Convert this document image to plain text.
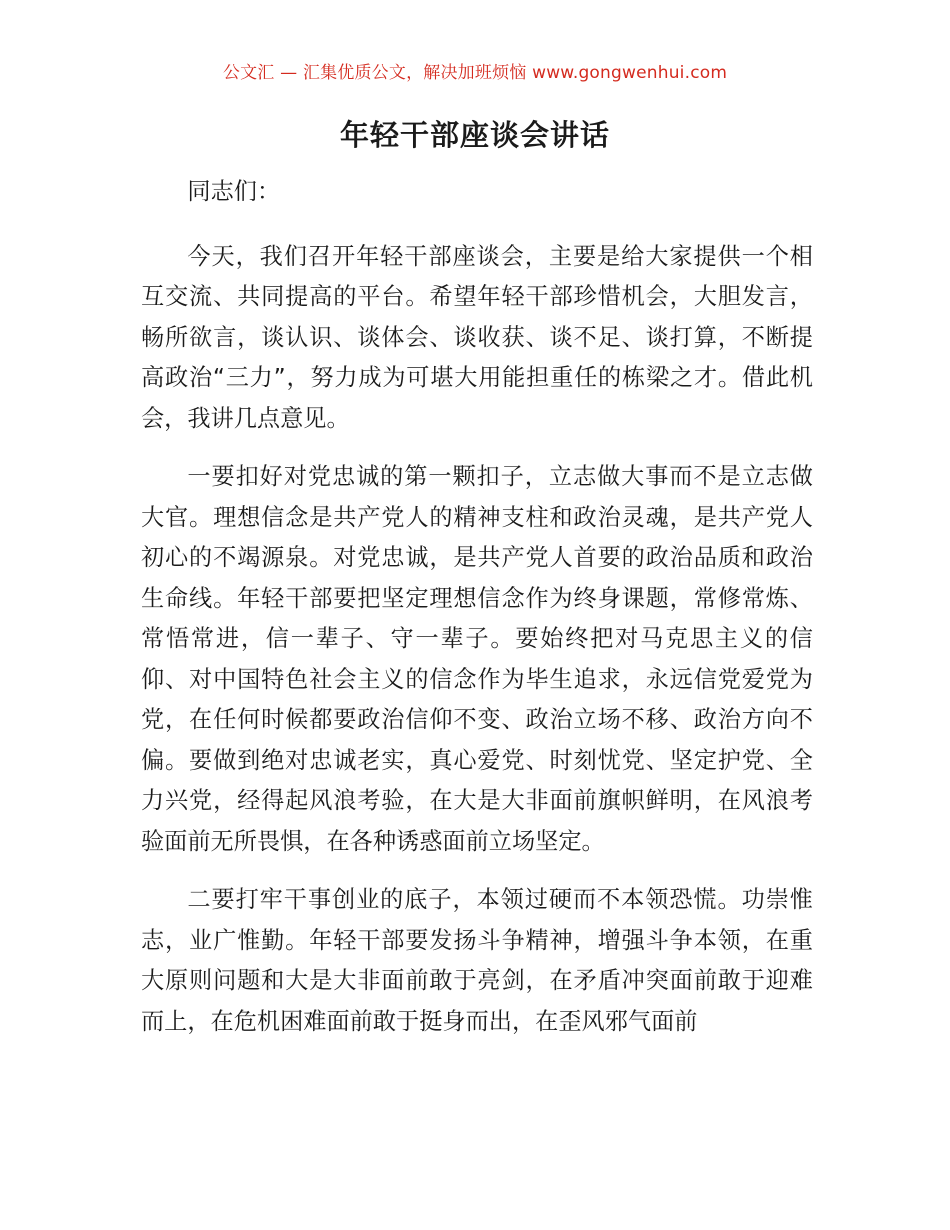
公文汇 — 汇集优质公文，解决加班烦恼 www.gongwenhui.com
年轻干部座谈会讲话

同志们：

今天，我们召开年轻干部座谈会，主要是给大家提供一个相互交流、共同提高的平台。希望年轻干部珍惜机会，大胆发言，畅所欲言，谈认识、谈体会、谈收获、谈不足、谈打算，不断提高政治“三力”，努力成为可堪大用能担重任的栋梁之才。借此机会，我讲几点意见。

一要扣好对党忠诚的第一颗扣子，立志做大事而不是立志做大官。理想信念是共产党人的精神支柱和政治灵魂，是共产党人初心的不竭源泉。对党忠诚，是共产党人首要的政治品质和政治生命线。年轻干部要把坚定理想信念作为终身课题，常修常炼、常悟常进，信一辈子、守一辈子。要始终把对马克思主义的信仰、对中国特色社会主义的信念作为毕生追求，永远信党爱党为党，在任何时候都要政治信仰不变、政治立场不移、政治方向不偏。要做到绝对忠诚老实，真心爱党、时刻忧党、坚定护党、全力兴党，经得起风浪考验，在大是大非面前旗帜鲜明，在风浪考验面前无所畏惧，在各种诱惑面前立场坚定。

二要打牢干事创业的底子，本领过硬而不本领恐慌。功崇惟志，业广惟勤。年轻干部要发扬斗争精神，增强斗争本领，在重大原则问题和大是大非面前敢于亮剑，在矛盾冲突面前敢于迎难而上，在危机困难面前敢于挺身而出，在歪风邪气面前
